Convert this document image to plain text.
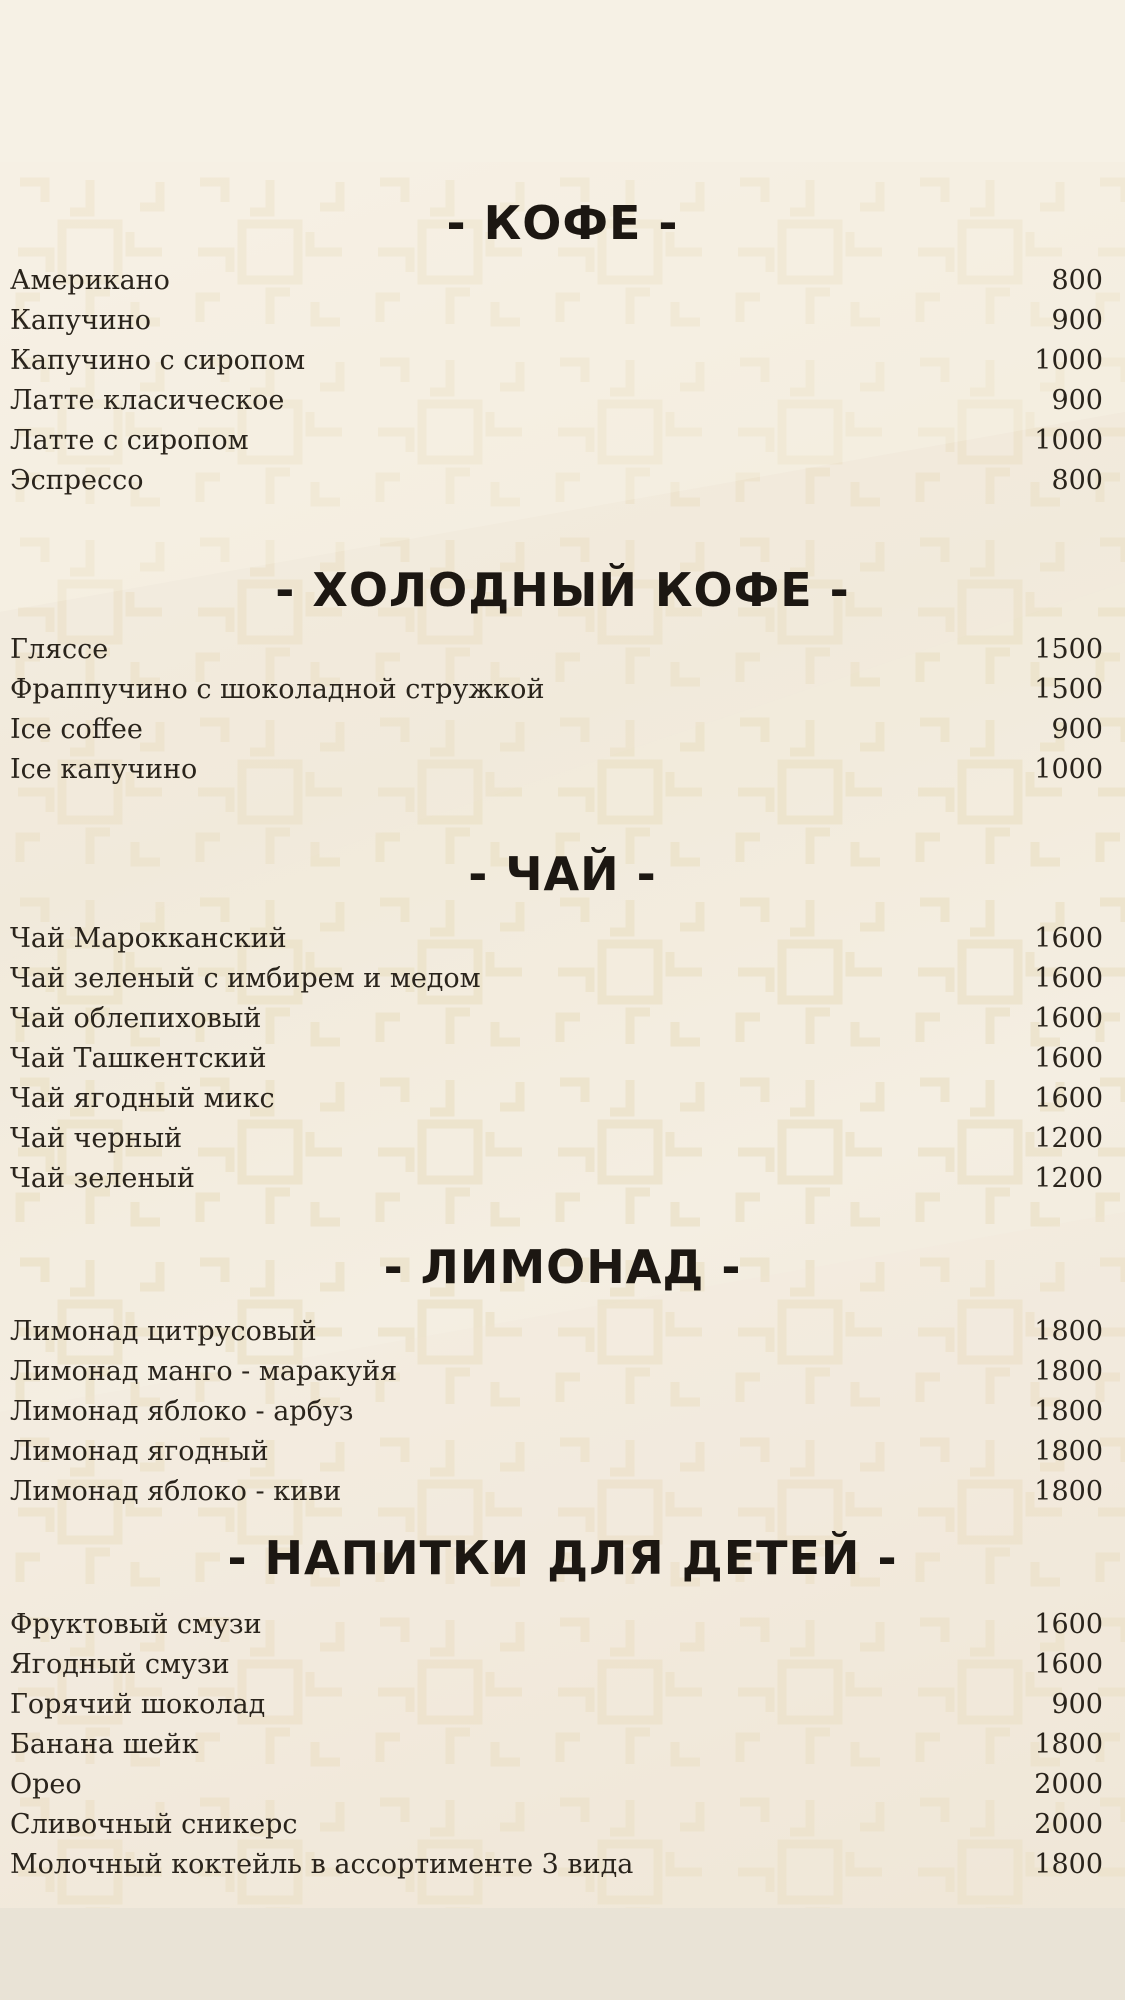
- КОФЕ -
Американо	800
Капучино	900
Капучино с сиропом	1000
Латте класическое	900
Латте с сиропом	1000
Эспрессо	800
- ХОЛОДНЫЙ КОФЕ -
Гляссе	1500
Фраппучино с шоколадной стружкой	1500
Ice coffee	900
Ice капучино	1000
- ЧАЙ -
Чай Марокканский	1600
Чай зеленый с имбирем и медом	1600
Чай облепиховый	1600
Чай Ташкентский	1600
Чай ягодный микс	1600
Чай черный	1200
Чай зеленый	1200
- ЛИМОНАД -
Лимонад цитрусовый	1800
Лимонад манго - маракуйя	1800
Лимонад яблоко - арбуз	1800
Лимонад ягодный	1800
Лимонад яблоко - киви	1800
- НАПИТКИ ДЛЯ ДЕТЕЙ -
Фруктовый смузи	1600
Ягодный смузи	1600
Горячий шоколад	900
Банана шейк	1800
Орео	2000
Сливочный сникерс	2000
Молочный коктейль в ассортименте 3 вида	1800
